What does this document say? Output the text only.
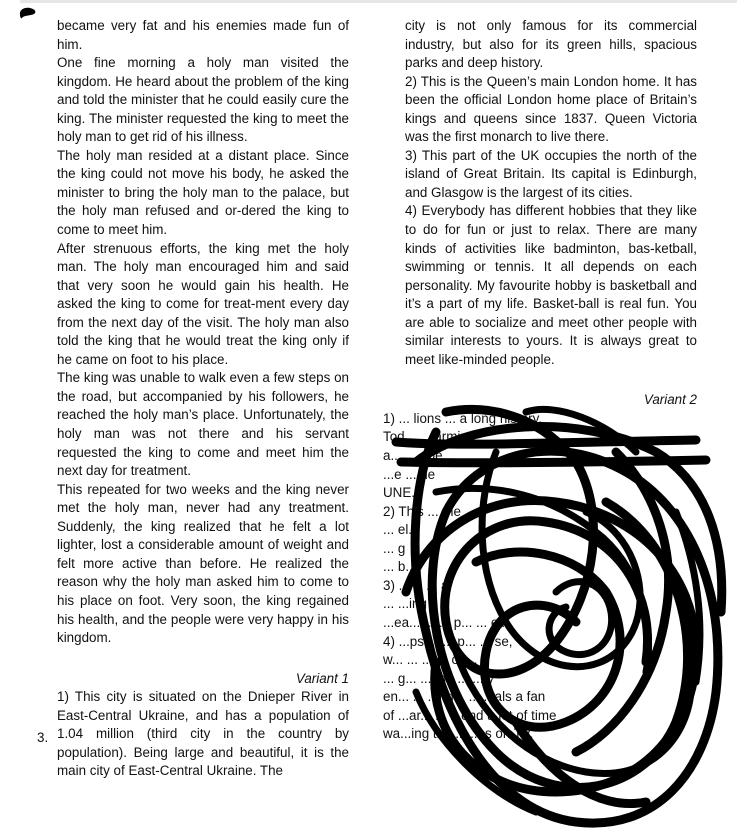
became very fat and his enemies made fun of him.

One fine morning a holy man visited the kingdom. He heard about the problem of the king and told the minister that he could easily cure the king. The minister requested the king to meet the holy man to get rid of his illness.

The holy man resided at a distant place. Since the king could not move his body, he asked the minister to bring the holy man to the palace, but the holy man refused and or-dered the king to come to meet him.

After strenuous efforts, the king met the holy man. The holy man encouraged him and said that very soon he would gain his health. He asked the king to come for treat-ment every day from the next day of the visit. The holy man also told the king that he would treat the king only if he came on foot to his place.

The king was unable to walk even a few steps on the road, but accompanied by his followers, he reached the holy man’s place. Unfortunately, the holy man was not there and his servant requested the king to come and meet him the next day for treatment.

This repeated for two weeks and the king never met the holy man, never had any treatment. Suddenly, the king realized that he felt a lot lighter, lost a considerable amount of weight and felt more active than before. He realized the reason why the holy man asked him to come to his place on foot. Very soon, the king regained his health, and the people were very happy in his kingdom.

Variant 1

1) This city is situated on the Dnieper River in East-Central Ukraine, and has a population of 1.04 million (third city in the country by population). Being large and beautiful, it is the main city of East-Central Ukraine. The

3.

city is not only famous for its commercial industry, but also for its green hills, spacious parks and deep history.

2) This is the Queen’s main London home. It has been the official London home place of Britain’s kings and queens since 1837. Queen Victoria was the first monarch to live there.

3) This part of the UK occupies the north of the island of Great Britain. Its capital is Edinburgh, and Glasgow is the largest of its cities.

4) Everybody has different hobbies that they like to do for fun or just to relax. There are many kinds of activities like badminton, bas-ketball, swimming or tennis. It all depends on each personality. My favourite hobby is basketball and it’s a part of my life. Basket-ball is real fun. You are able to socialize and meet other people with similar interests to yours. It is always great to meet like-minded people.

Variant 2

1) ... lions ... a long history.

Tod... ... arming

a... ... ope.

...e ... he

UNE...

2) This ... the ... s

... el.

... g

... b...

3) ... K ... a

... ...ing

...ea... ... ... p... ... el...

4) ...ps ... ... p... ... se,

w... ... ... ... oo...

... g... ... the ... ... y

en... ... ...ng... ... ...als a fan

of ...ar... ... ...end a lot of time

wa...ing the... ...es on TV.
